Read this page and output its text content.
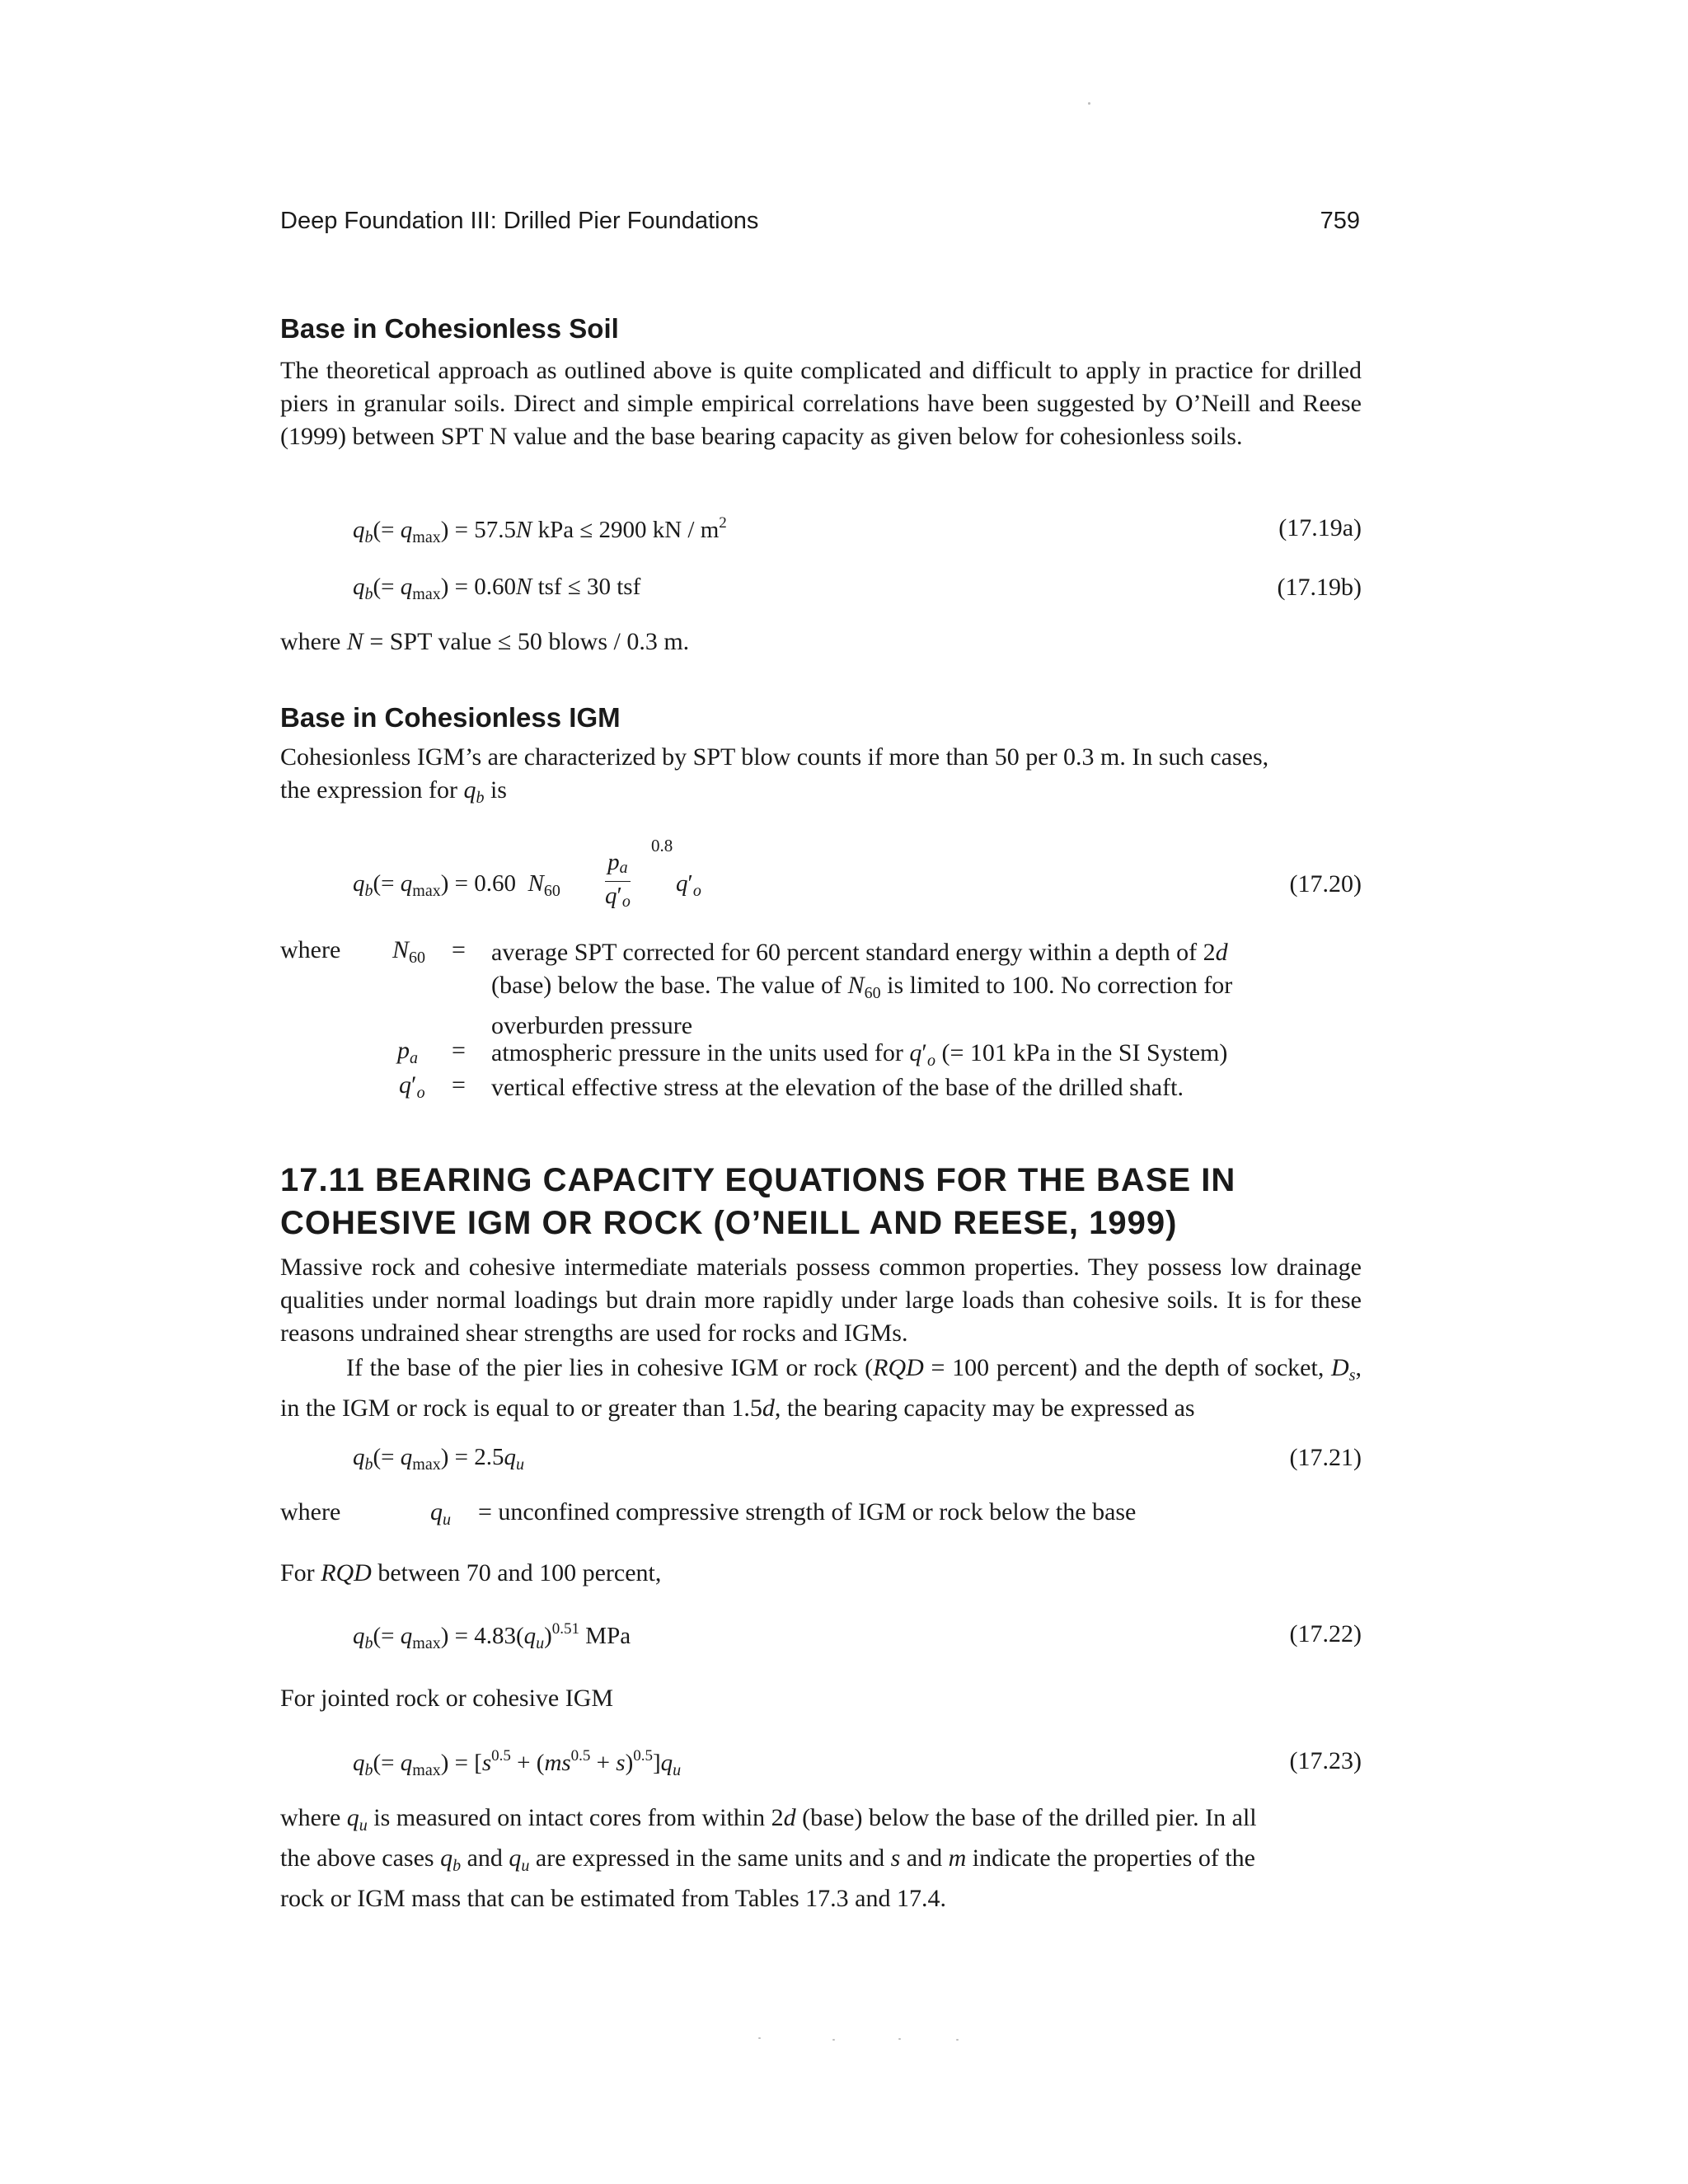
Deep Foundation III: Drilled Pier Foundations	759
Base in Cohesionless Soil

The theoretical approach as outlined above is quite complicated and difficult to apply in practice for drilled piers in granular soils. Direct and simple empirical correlations have been suggested by O’Neill and Reese (1999) between SPT N value and the base bearing capacity as given below for cohesionless soils.

$q_b(= q_{max}) = 57.5N$ kPa ≤ 2900 kN / $m^2$	(17.19a)
$q_b(= q_{max}) = 0.60N$ tsf ≤ 30 tsf	(17.19b)
where N = SPT value ≤ 50 blows / 0.3 m.
Base in Cohesionless IGM
Cohesionless IGM’s are characterized by SPT blow counts if more than 50 per 0.3 m. In such cases,
the expression for $q_b$ is
0.8
$q_b(= q_{max}) = 0.60$ $N_{60} \frac{p_a}{q'_o} q'_o$	(17.20)
where $N_{60}$	= average SPT corrected for 60 percent standard energy within a depth of 2d
(base) below the base. The value of $N_{60}$ is limited to 100. No correction for
overburden pressure
$p_a$	= atmospheric pressure in the units used for $q'_o$ (= 101 kPa in the SI System)
$q'_o$	= vertical effective stress at the elevation of the base of the drilled shaft.
17.11 BEARING CAPACITY EQUATIONS FOR THE BASE IN
COHESIVE IGM OR ROCK (O’NEILL AND REESE, 1999)

Massive rock and cohesive intermediate materials possess common properties. They possess low drainage qualities under normal loadings but drain more rapidly under large loads than cohesive soils. It is for these reasons undrained shear strengths are used for rocks and IGMs.

If the base of the pier lies in cohesive IGM or rock (RQD = 100 percent) and the depth of socket, $D_s$, in the IGM or rock is equal to or greater than 1.5d, the bearing capacity may be expressed as

$q_b(= q_{max}) = 2.5q_u$	(17.21)
where	$q_u$ = unconfined compressive strength of IGM or rock below the base
For RQD between 70 and 100 percent,
$q_b(= q_{max}) = 4.83(q_u)^{0.51}$ MPa	(17.22)
For jointed rock or cohesive IGM
$q_b(= q_{max}) = [s^{0.5} + (ms^{0.5} + s)^{0.5}]q_u$	(17.23)

where $q_u$ is measured on intact cores from within 2d (base) below the base of the drilled pier. In all
the above cases $q_b$ and $q_u$ are expressed in the same units and s and m indicate the properties of the
rock or IGM mass that can be estimated from Tables 17.3 and 17.4.
